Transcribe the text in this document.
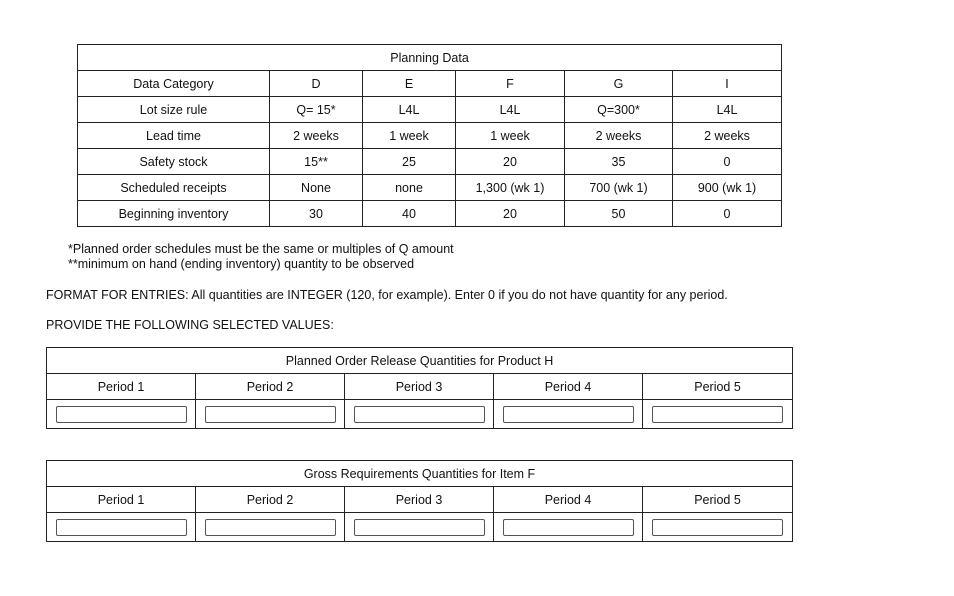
Planning Data					
Data Category	D	E	F	G	I
Lot size rule	Q= 15*	L4L	L4L	Q=300*	L4L
Lead time	2 weeks	1 week	1 week	2 weeks	2 weeks
Safety stock	15**	25	20	35	0
Scheduled receipts	None	none	1,300 (wk 1)	700 (wk 1)	900 (wk 1)
Beginning inventory	30	40	20	50	0
*Planned order schedules must be the same or multiples of Q amount
**minimum on hand (ending inventory) quantity to be observed
FORMAT FOR ENTRIES: All quantities are INTEGER (120, for example). Enter 0 if you do not have quantity for any period.
PROVIDE THE FOLLOWING SELECTED VALUES:
Planned Order Release Quantities for Product H				
Period 1	Period 2	Period 3	Period 4	Period 5

Gross Requirements Quantities for Item F				
Period 1	Period 2	Period 3	Period 4	Period 5
